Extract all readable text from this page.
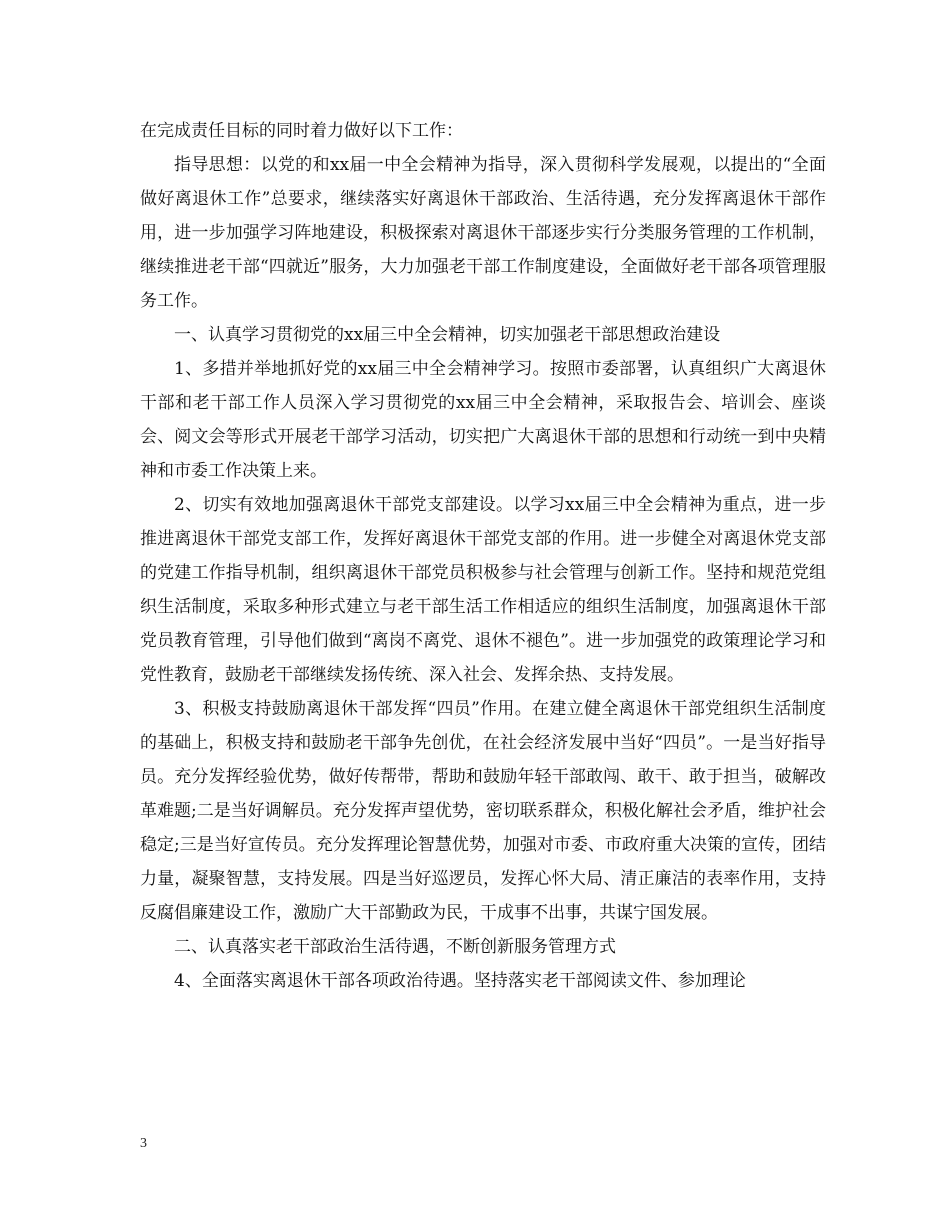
在完成责任目标的同时着力做好以下工作：

指导思想：以党的和xx届一中全会精神为指导，深入贯彻科学发展观，以提出的“全面做好离退休工作”总要求，继续落实好离退休干部政治、生活待遇，充分发挥离退休干部作用，进一步加强学习阵地建设，积极探索对离退休干部逐步实行分类服务管理的工作机制，继续推进老干部“四就近”服务，大力加强老干部工作制度建设，全面做好老干部各项管理服务工作。

一、认真学习贯彻党的xx届三中全会精神，切实加强老干部思想政治建设

1、多措并举地抓好党的xx届三中全会精神学习。按照市委部署，认真组织广大离退休干部和老干部工作人员深入学习贯彻党的xx届三中全会精神，采取报告会、培训会、座谈会、阅文会等形式开展老干部学习活动，切实把广大离退休干部的思想和行动统一到中央精神和市委工作决策上来。

2、切实有效地加强离退休干部党支部建设。以学习xx届三中全会精神为重点，进一步推进离退休干部党支部工作，发挥好离退休干部党支部的作用。进一步健全对离退休党支部的党建工作指导机制，组织离退休干部党员积极参与社会管理与创新工作。坚持和规范党组织生活制度，采取多种形式建立与老干部生活工作相适应的组织生活制度，加强离退休干部党员教育管理，引导他们做到“离岗不离党、退休不褪色”。进一步加强党的政策理论学习和党性教育，鼓励老干部继续发扬传统、深入社会、发挥余热、支持发展。

3、积极支持鼓励离退休干部发挥“四员”作用。在建立健全离退休干部党组织生活制度的基础上，积极支持和鼓励老干部争先创优，在社会经济发展中当好“四员”。一是当好指导员。充分发挥经验优势，做好传帮带，帮助和鼓励年轻干部敢闯、敢干、敢于担当，破解改革难题;二是当好调解员。充分发挥声望优势，密切联系群众，积极化解社会矛盾，维护社会稳定;三是当好宣传员。充分发挥理论智慧优势，加强对市委、市政府重大决策的宣传，团结力量，凝聚智慧，支持发展。四是当好巡逻员，发挥心怀大局、清正廉洁的表率作用，支持反腐倡廉建设工作，激励广大干部勤政为民，干成事不出事，共谋宁国发展。

二、认真落实老干部政治生活待遇，不断创新服务管理方式

4、全面落实离退休干部各项政治待遇。坚持落实老干部阅读文件、参加理论

3
